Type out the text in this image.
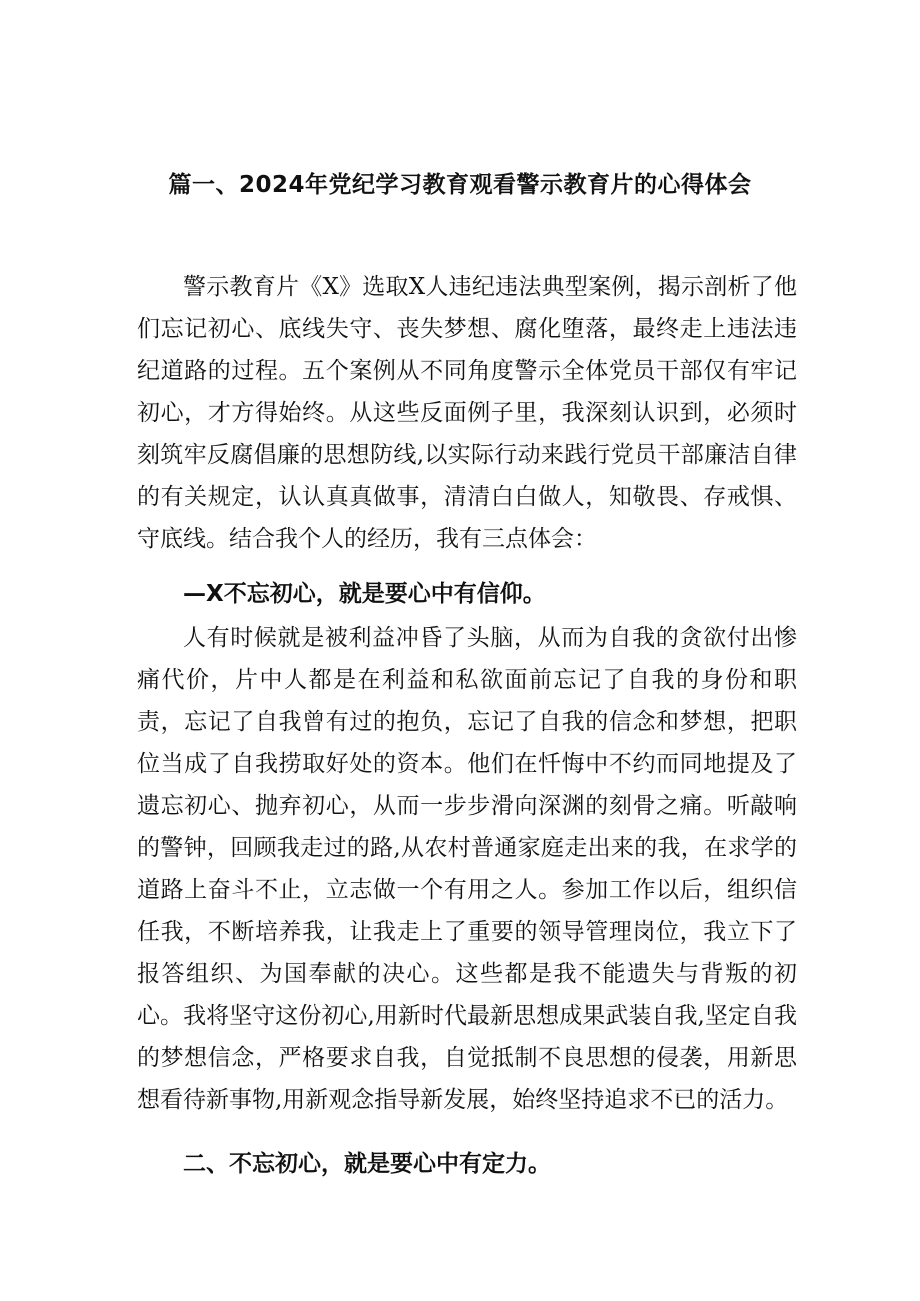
篇一、2024年党纪学习教育观看警示教育片的心得体会

警示教育片《X》选取X人违纪违法典型案例，揭示剖析了他们忘记初心、底线失守、丧失梦想、腐化堕落，最终走上违法违纪道路的过程。五个案例从不同角度警示全体党员干部仅有牢记初心，才方得始终。从这些反面例子里，我深刻认识到，必须时刻筑牢反腐倡廉的思想防线,以实际行动来践行党员干部廉洁自律的有关规定，认认真真做事，清清白白做人，知敬畏、存戒惧、守底线。结合我个人的经历，我有三点体会：

—X不忘初心，就是要心中有信仰。

人有时候就是被利益冲昏了头脑，从而为自我的贪欲付出惨痛代价，片中人都是在利益和私欲面前忘记了自我的身份和职责，忘记了自我曾有过的抱负，忘记了自我的信念和梦想，把职位当成了自我捞取好处的资本。他们在忏悔中不约而同地提及了遗忘初心、抛弃初心，从而一步步滑向深渊的刻骨之痛。听敲响的警钟，回顾我走过的路,从农村普通家庭走出来的我，在求学的道路上奋斗不止，立志做一个有用之人。参加工作以后，组织信任我，不断培养我，让我走上了重要的领导管理岗位，我立下了报答组织、为国奉献的决心。这些都是我不能遗失与背叛的初心。我将坚守这份初心,用新时代最新思想成果武装自我,坚定自我的梦想信念，严格要求自我，自觉抵制不良思想的侵袭，用新思想看待新事物,用新观念指导新发展，始终坚持追求不已的活力。

二、不忘初心，就是要心中有定力。
